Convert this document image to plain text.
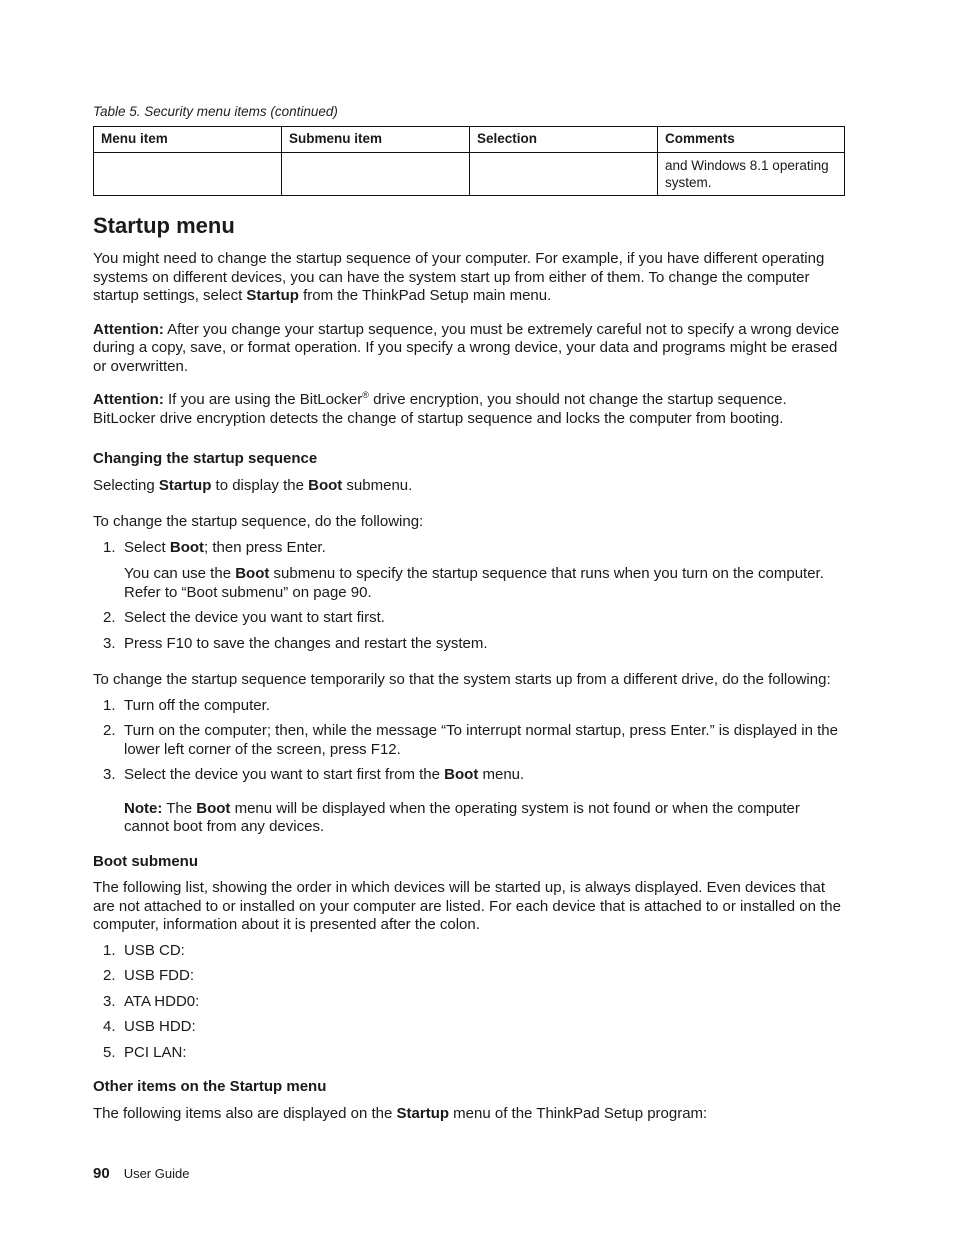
Table 5. Security menu items (continued)
Menu item	Submenu item	Selection	Comments
			and Windows 8.1 operating system.
Startup menu

You might need to change the startup sequence of your computer. For example, if you have different operating systems on different devices, you can have the system start up from either of them. To change the computer startup settings, select Startup from the ThinkPad Setup main menu.

Attention: After you change your startup sequence, you must be extremely careful not to specify a wrong device during a copy, save, or format operation. If you specify a wrong device, your data and programs might be erased or overwritten.

Attention: If you are using the BitLocker® drive encryption, you should not change the startup sequence. BitLocker drive encryption detects the change of startup sequence and locks the computer from booting.

Changing the startup sequence

Selecting Startup to display the Boot submenu.

To change the startup sequence, do the following:

1. Select Boot; then press Enter.

You can use the Boot submenu to specify the startup sequence that runs when you turn on the computer. Refer to “Boot submenu” on page 90.

2. Select the device you want to start first.
3. Press F10 to save the changes and restart the system.

To change the startup sequence temporarily so that the system starts up from a different drive, do the following:

1. Turn off the computer.
2. Turn on the computer; then, while the message “To interrupt normal startup, press Enter.” is displayed in the lower left corner of the screen, press F12.
3. Select the device you want to start first from the Boot menu.

Note: The Boot menu will be displayed when the operating system is not found or when the computer cannot boot from any devices.

Boot submenu

The following list, showing the order in which devices will be started up, is always displayed. Even devices that are not attached to or installed on your computer are listed. For each device that is attached to or installed on the computer, information about it is presented after the colon.

1. USB CD:
2. USB FDD:
3. ATA HDD0:
4. USB HDD:
5. PCI LAN:
Other items on the Startup menu

The following items also are displayed on the Startup menu of the ThinkPad Setup program:

90 User Guide
